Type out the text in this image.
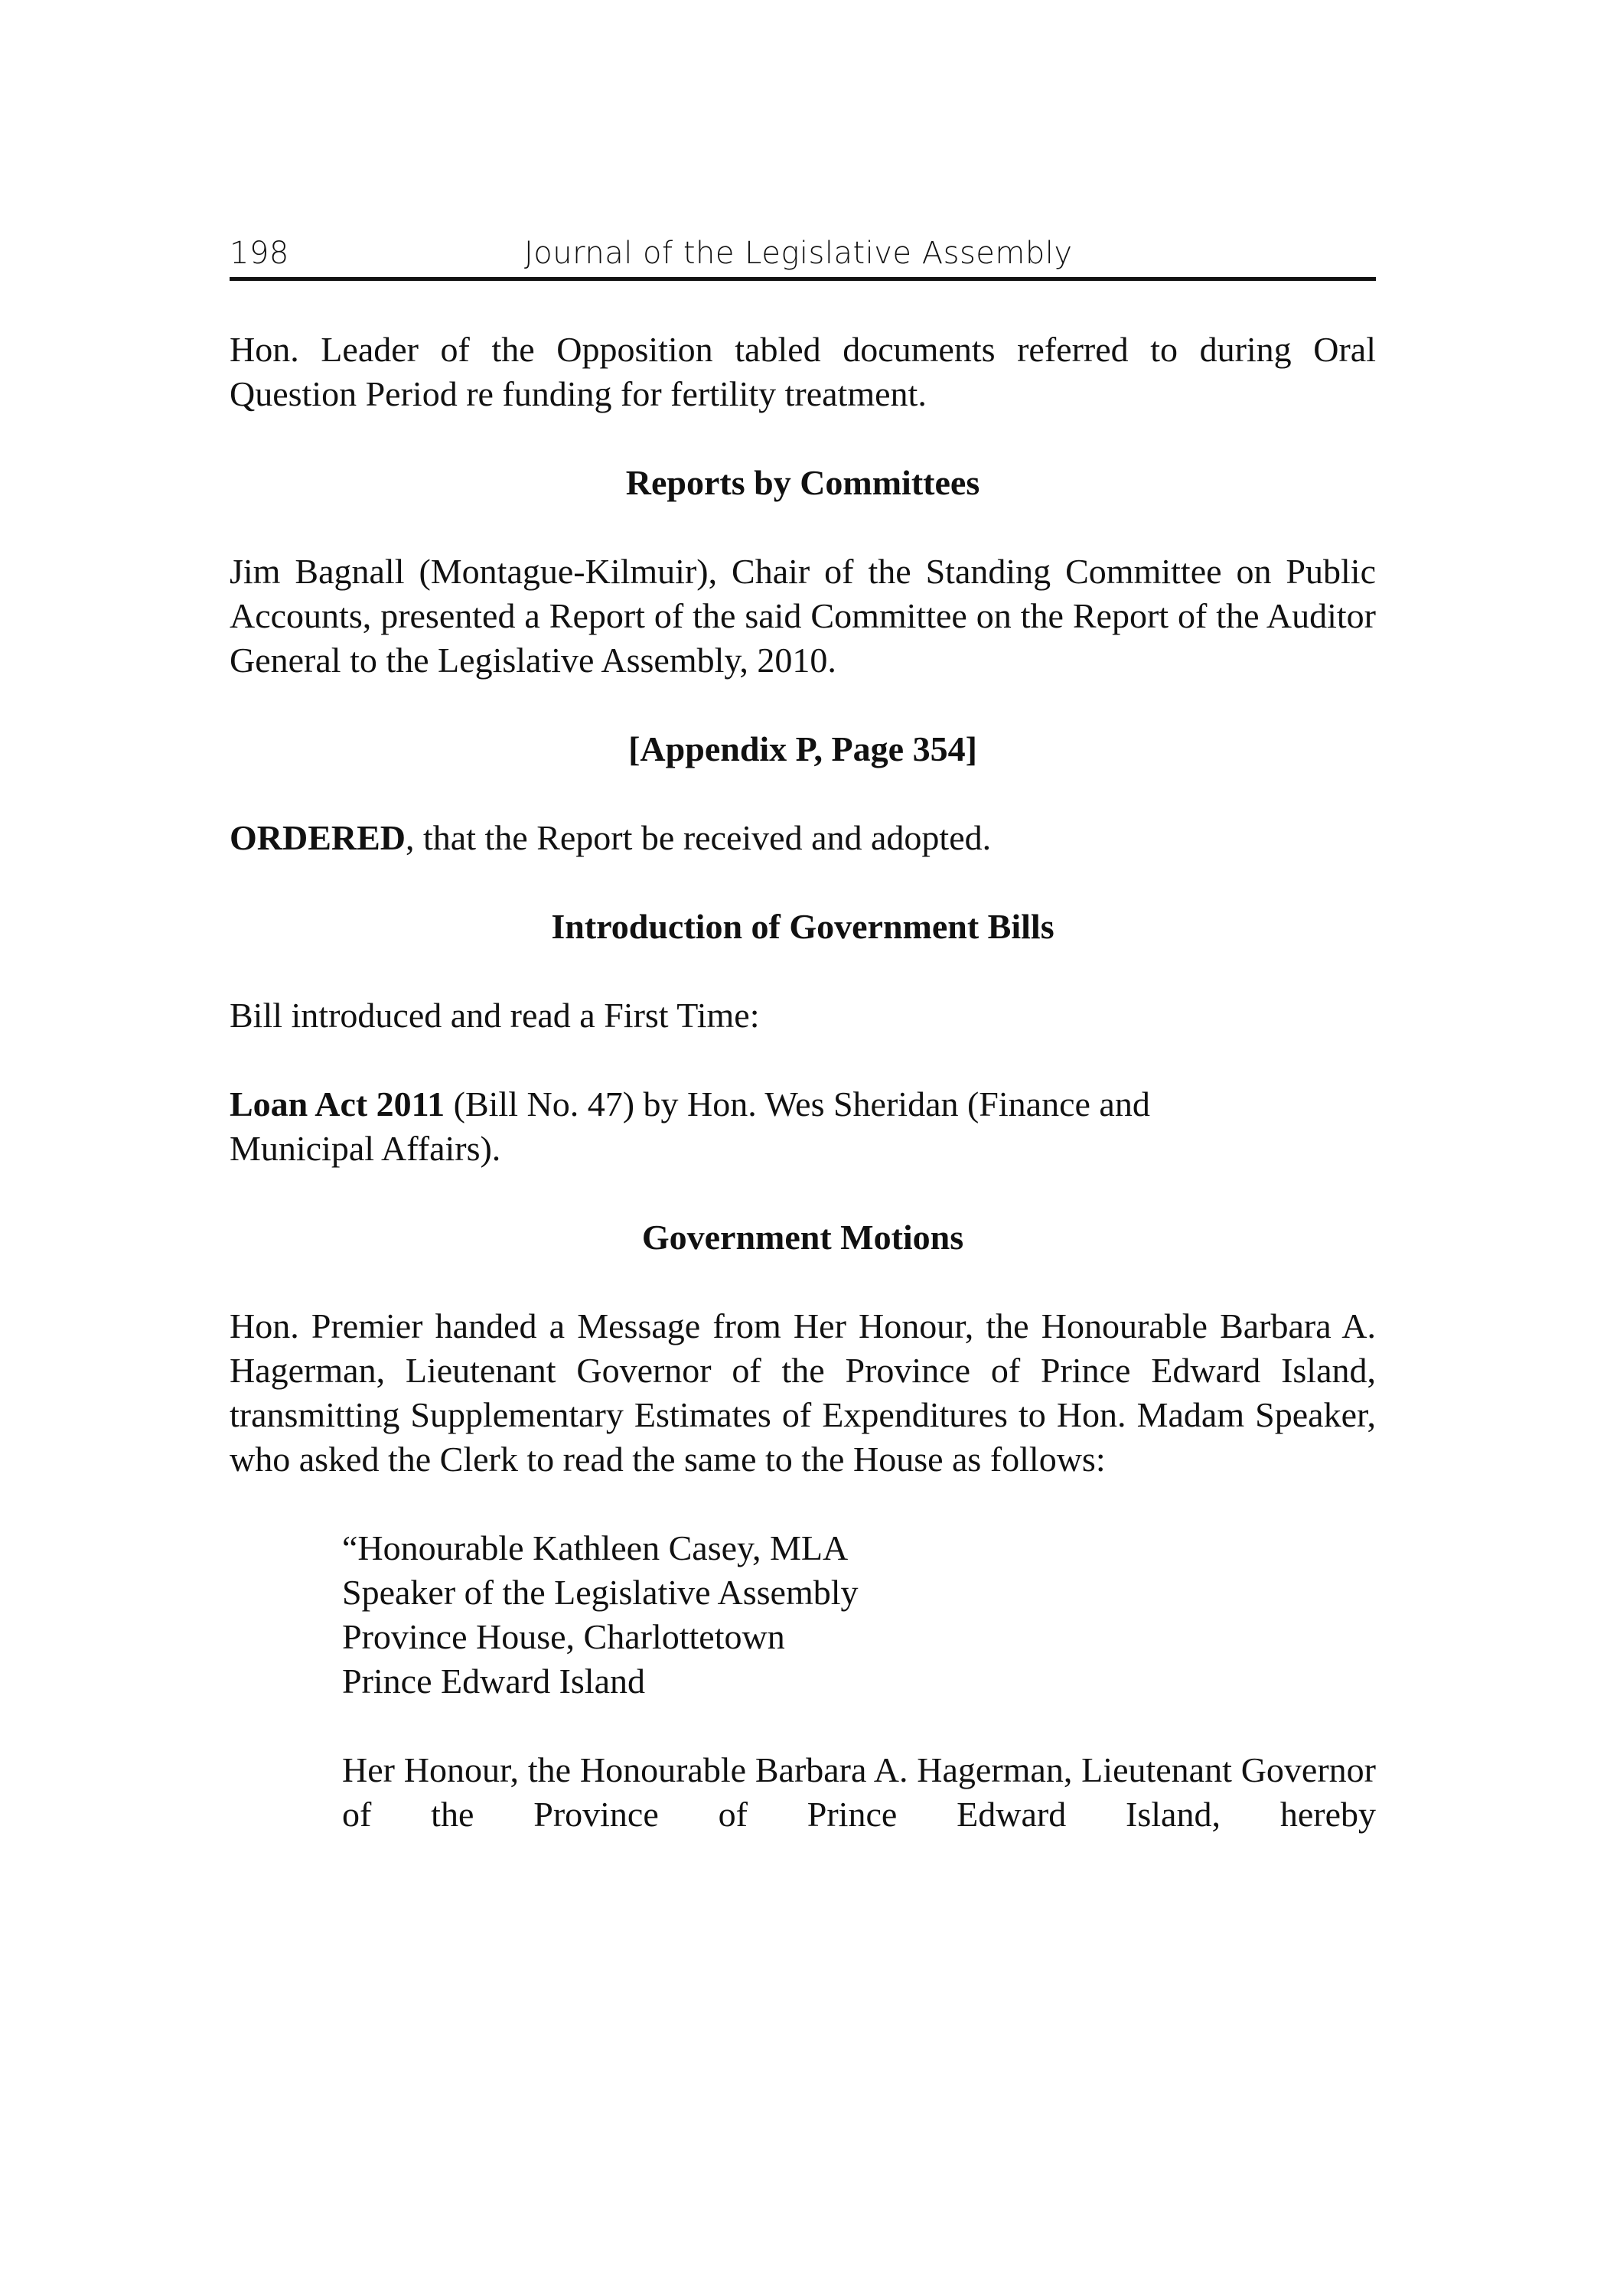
198	Journal of the Legislative Assembly

Hon. Leader of the Opposition tabled documents referred to during Oral Question Period re funding for fertility treatment.

Reports by Committees

Jim Bagnall (Montague-Kilmuir), Chair of the Standing Committee on Public Accounts, presented a Report of the said Committee on the Report of the Auditor General to the Legislative Assembly, 2010.

[Appendix P, Page 354]

ORDERED, that the Report be received and adopted.

Introduction of Government Bills

Bill introduced and read a First Time:

Loan Act 2011 (Bill No. 47) by Hon. Wes Sheridan (Finance and
Municipal Affairs).

Government Motions

Hon. Premier handed a Message from Her Honour, the Honourable Barbara A. Hagerman, Lieutenant Governor of the Province of Prince Edward Island, transmitting Supplementary Estimates of Expenditures to Hon. Madam Speaker, who asked the Clerk to read the same to the House as follows:

“Honourable Kathleen Casey, MLA

Speaker of the Legislative Assembly

Province House, Charlottetown

Prince Edward Island

Her Honour, the Honourable Barbara A. Hagerman, Lieutenant Governor of the Province of Prince Edward Island, hereby
